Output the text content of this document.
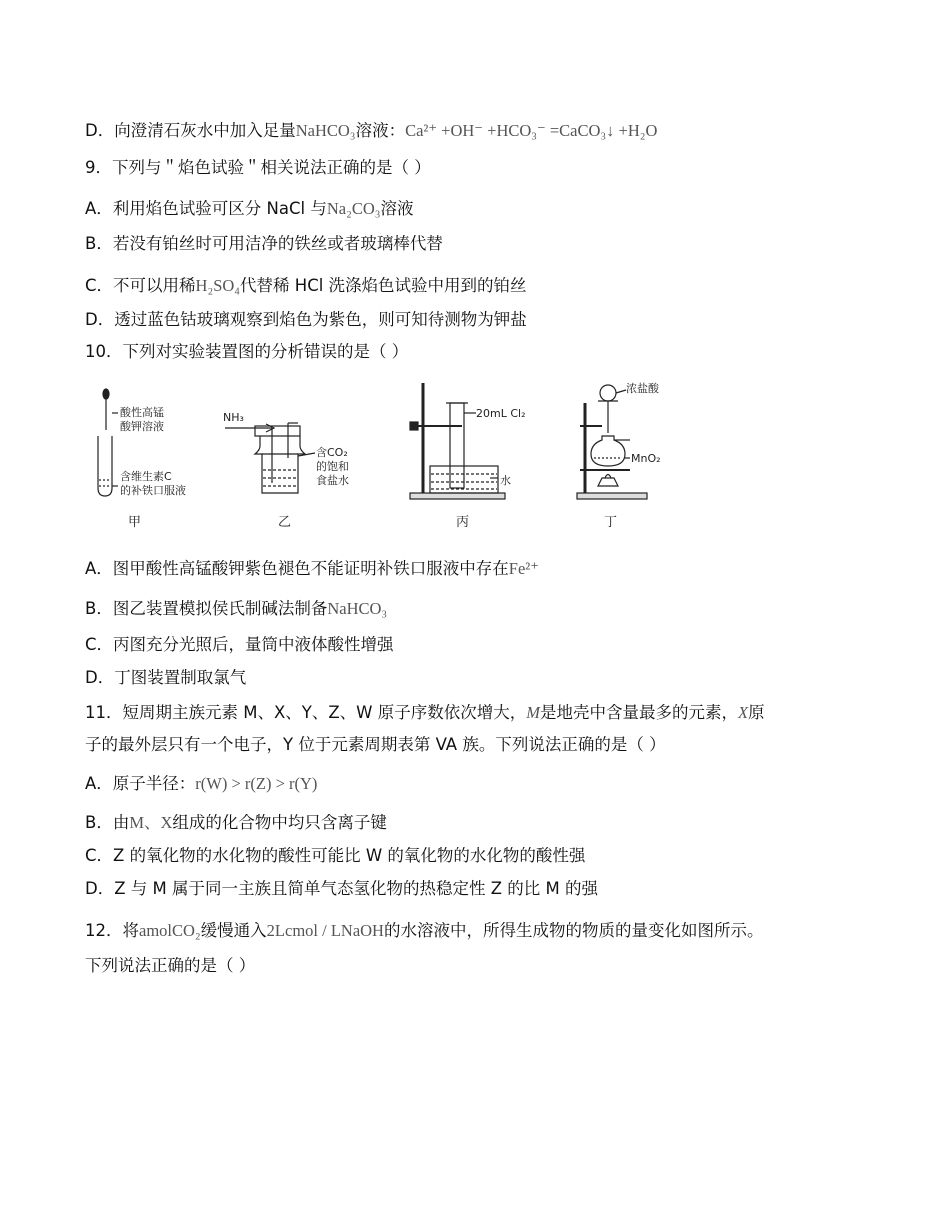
D．向澄清石灰水中加入足量NaHCO₃溶液：Ca²⁺ +OH⁻ +HCO₃⁻ =CaCO₃↓ +H₂O
9．下列与＂焰色试验＂相关说法正确的是（ ）
A．利用焰色试验可区分 NaCl 与Na₂CO₃溶液
B．若没有铂丝时可用洁净的铁丝或者玻璃棒代替
C．不可以用稀H₂SO₄代替稀 HCl 洗涤焰色试验中用到的铂丝
D．透过蓝色钴玻璃观察到焰色为紫色，则可知待测物为钾盐
10．下列对实验装置图的分析错误的是（ ）
酸性高锰
酸钾溶液
含维生素C
的补铁口服液
甲
NH₃
含CO₂
的饱和
食盐水
乙
20mL Cl₂
水
丙
浓盐酸
MnO₂
丁
A．图甲酸性高锰酸钾紫色褪色不能证明补铁口服液中存在Fe²⁺
B．图乙装置模拟侯氏制碱法制备NaHCO₃
C．丙图充分光照后，量筒中液体酸性增强
D．丁图装置制取氯气
11．短周期主族元素 M、X、Y、Z、W 原子序数依次增大，M是地壳中含量最多的元素，X原
子的最外层只有一个电子，Y 位于元素周期表第 VA 族。下列说法正确的是（ ）
A．原子半径：r(W) > r(Z) > r(Y)
B．由M、X组成的化合物中均只含离子键
C．Z 的氧化物的水化物的酸性可能比 W 的氧化物的水化物的酸性强
D．Z 与 M 属于同一主族且简单气态氢化物的热稳定性 Z 的比 M 的强
12．将amolCO₂缓慢通入2Lcmol / LNaOH的水溶液中，所得生成物的物质的量变化如图所示。
下列说法正确的是（ ）
